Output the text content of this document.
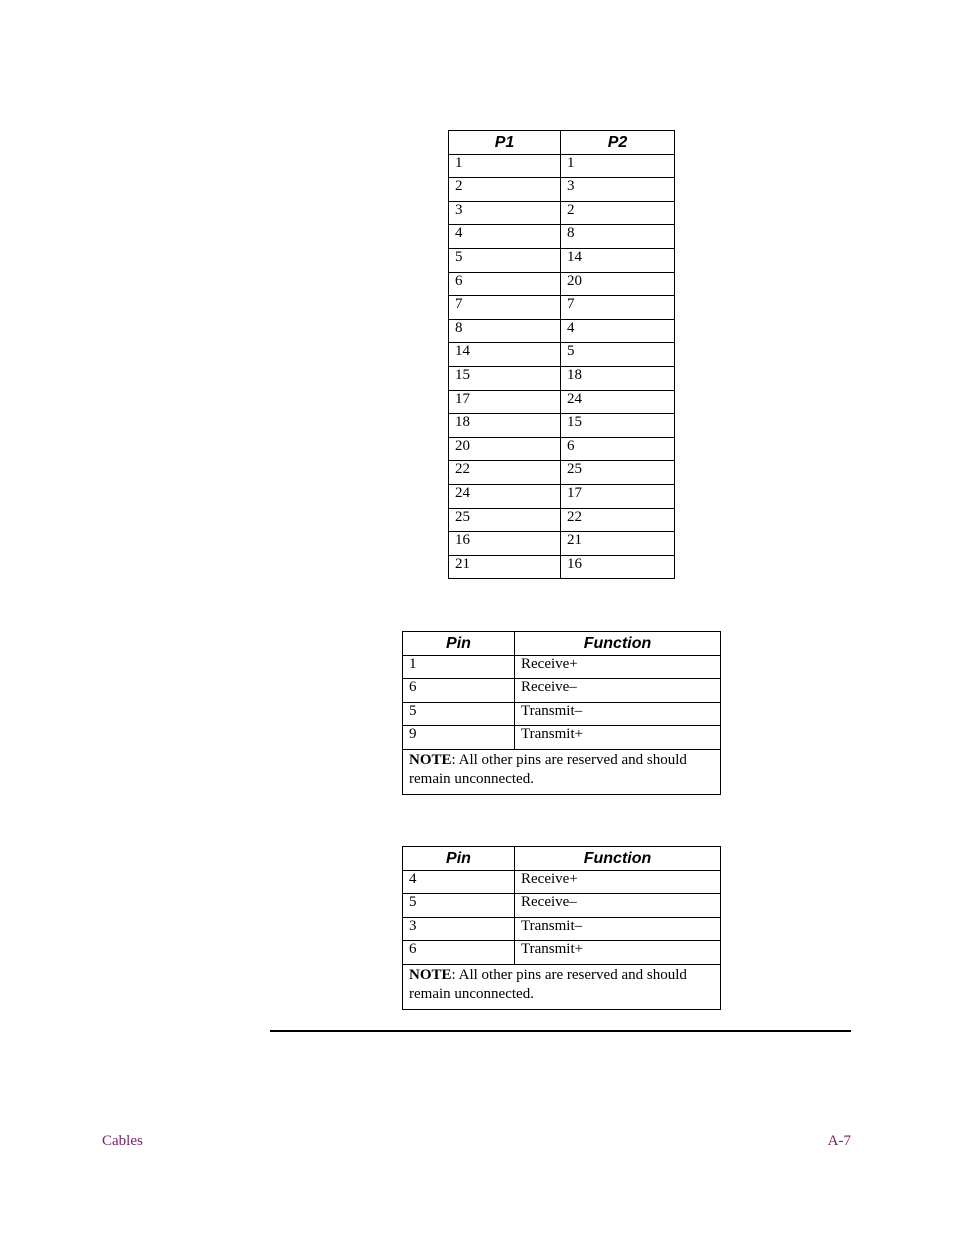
P1	P2
1	1
2	3
3	2
4	8
5	14
6	20
7	7
8	4
14	5
15	18
17	24
18	15
20	6
22	25
24	17
25	22
16	21
21	16
Pin	Function
1	Receive+
6	Receive–
5	Transmit–
9	Transmit+
NOTE: All other pins are reserved and should remain unconnected.	
Pin	Function
4	Receive+
5	Receive–
3	Transmit–
6	Transmit+
NOTE: All other pins are reserved and should remain unconnected.	
Cables	A-7
